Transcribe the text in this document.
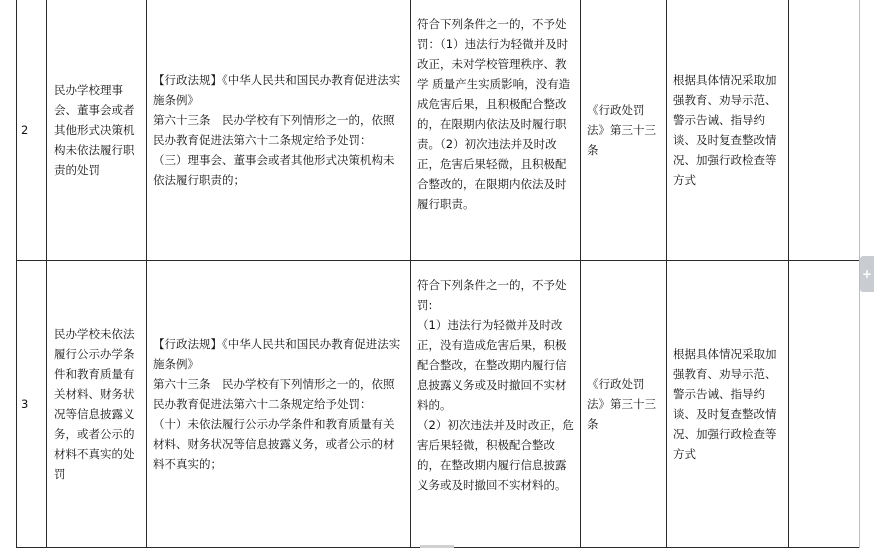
2	民办学校理事会、董事会或者其他形式决策机构未依法履行职责的处罚	【行政法规】《中华人民共和国民办教育促进法实施条例》
第六十三条　民办学校有下列情形之一的，依照民办教育促进法第六十二条规定给予处罚：
（三）理事会、董事会或者其他形式决策机构未依法履行职责的；	符合下列条件之一的，不予处罚：（1）违法行为轻微并及时改正，未对学校管理秩序、教学 质量产生实质影响，没有造成危害后果，且积极配合整改的，在限期内依法及时履行职责。（2）初次违法并及时改正，危害后果轻微，且积极配合整改的，在限期内依法及时履行职责。	《行政处罚法》第三十三条	根据具体情况采取加强教育、劝导示范、警示告诫、指导约谈、及时复查整改情况、加强行政检查等方式	
3	民办学校未依法履行公示办学条件和教育质量有关材料、财务状况等信息披露义务，或者公示的材料不真实的处罚	【行政法规】《中华人民共和国民办教育促进法实施条例》
第六十三条　民办学校有下列情形之一的，依照民办教育促进法第六十二条规定给予处罚：
（十）未依法履行公示办学条件和教育质量有关材料、财务状况等信息披露义务，或者公示的材料不真实的；	符合下列条件之一的，不予处罚:
（1）违法行为轻微并及时改正，没有造成危害后果，积极配合整改，在整改期内履行信息披露义务或及时撤回不实材料的。
（2）初次违法并及时改正，危害后果轻微，积极配合整改的，在整改期内履行信息披露义务或及时撤回不实材料的。	《行政处罚法》第三十三条	根据具体情况采取加强教育、劝导示范、警示告诫、指导约谈、及时复查整改情况、加强行政检查等方式	
+
